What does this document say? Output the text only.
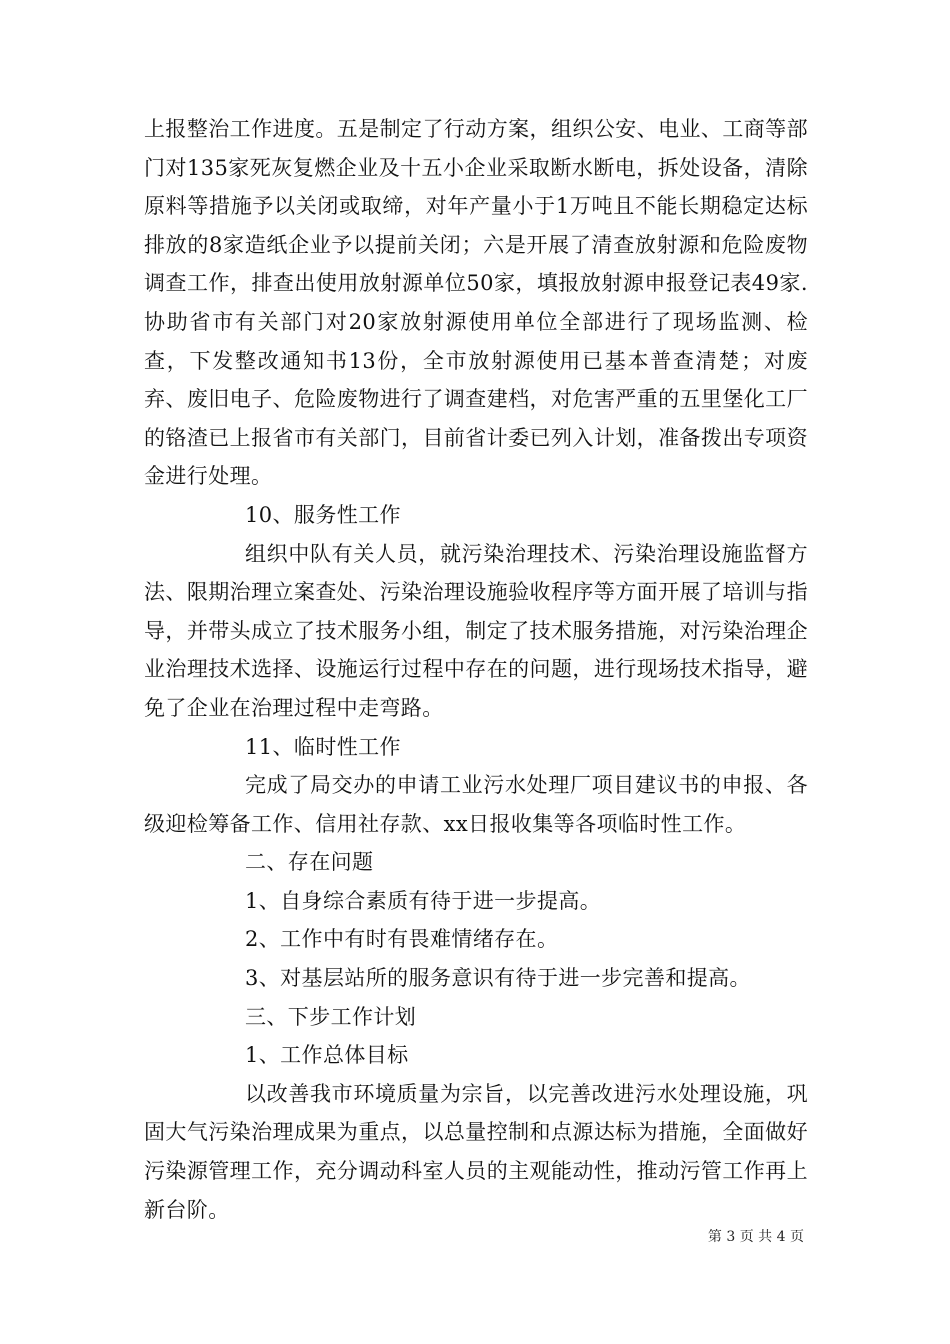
上报整治工作进度。五是制定了行动方案，组织公安、电业、工商等部门对135家死灰复燃企业及十五小企业采取断水断电，拆处设备，清除原料等措施予以关闭或取缔，对年产量小于1万吨且不能长期稳定达标排放的8家造纸企业予以提前关闭；六是开展了清查放射源和危险废物调查工作，排查出使用放射源单位50家，填报放射源申报登记表49家.协助省市有关部门对20家放射源使用单位全部进行了现场监测、检查，下发整改通知书13份，全市放射源使用已基本普查清楚；对废弃、废旧电子、危险废物进行了调查建档，对危害严重的五里堡化工厂的铬渣已上报省市有关部门，目前省计委已列入计划，准备拨出专项资金进行处理。

10、服务性工作

组织中队有关人员，就污染治理技术、污染治理设施监督方法、限期治理立案查处、污染治理设施验收程序等方面开展了培训与指导，并带头成立了技术服务小组，制定了技术服务措施，对污染治理企业治理技术选择、设施运行过程中存在的问题，进行现场技术指导，避免了企业在治理过程中走弯路。

11、临时性工作

完成了局交办的申请工业污水处理厂项目建议书的申报、各级迎检筹备工作、信用社存款、xx日报收集等各项临时性工作。

二、存在问题

1、自身综合素质有待于进一步提高。

2、工作中有时有畏难情绪存在。

3、对基层站所的服务意识有待于进一步完善和提高。

三、下步工作计划

1、工作总体目标

以改善我市环境质量为宗旨，以完善改进污水处理设施，巩固大气污染治理成果为重点，以总量控制和点源达标为措施，全面做好污染源管理工作，充分调动科室人员的主观能动性，推动污管工作再上新台阶。

第 3 页 共 4 页
